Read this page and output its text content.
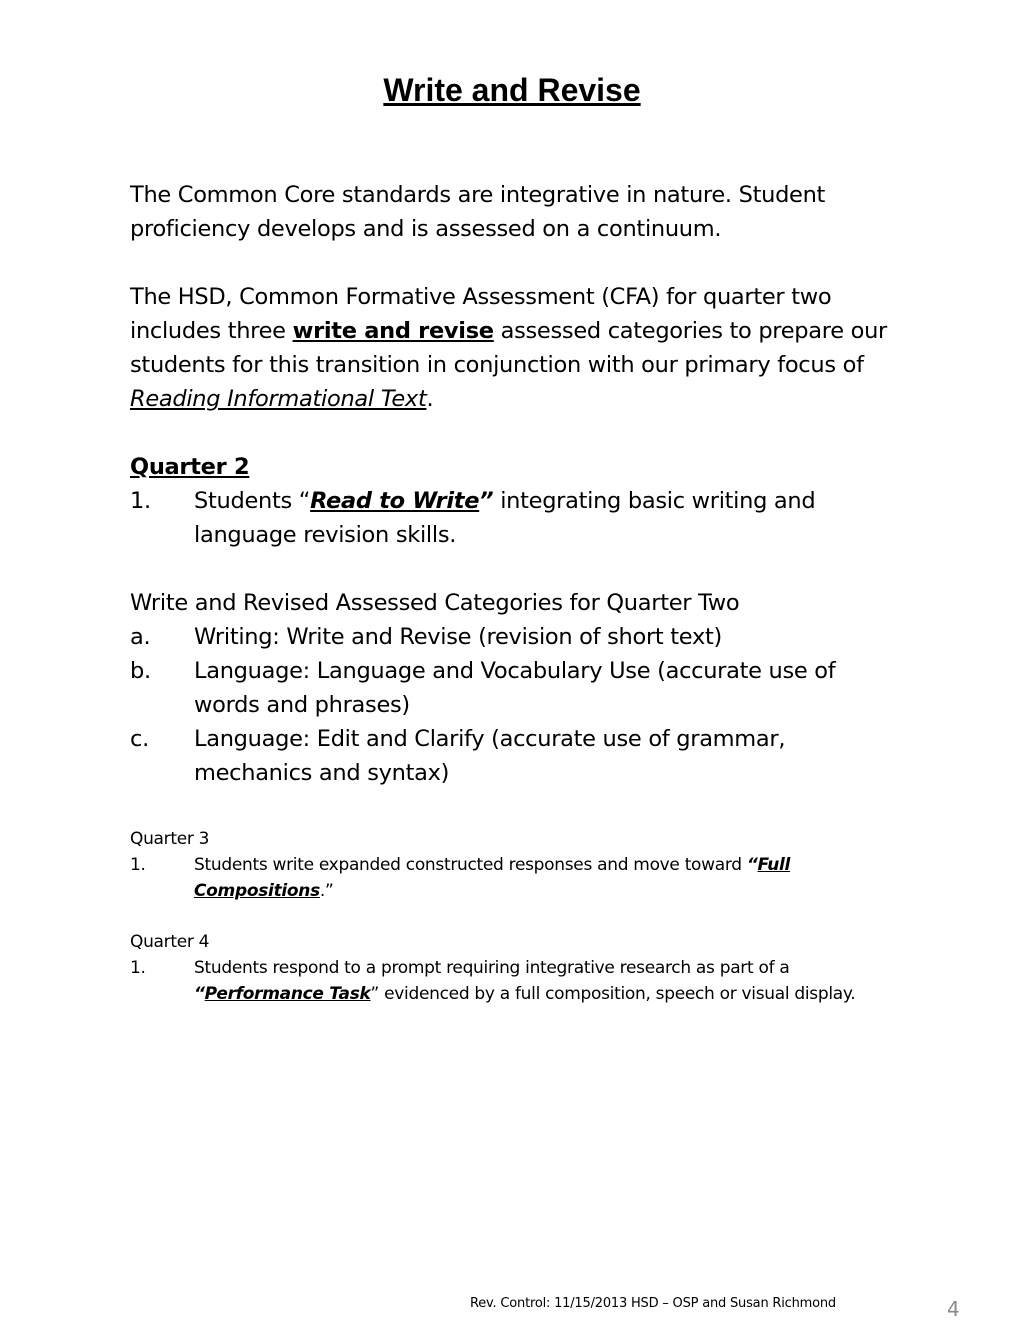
Write and Revise

The Common Core standards are integrative in nature. Student proficiency develops and is assessed on a continuum.

The HSD, Common Formative Assessment (CFA) for quarter two includes three write and revise assessed categories to prepare our students for this transition in conjunction with our primary focus of Reading Informational Text.

Quarter 2

1.	Students “Read to Write” integrating basic writing and language revision skills.

Write and Revised Assessed Categories for Quarter Two

a.	Writing: Write and Revise (revision of short text)
b.	Language: Language and Vocabulary Use (accurate use of words and phrases)
c.	Language: Edit and Clarify (accurate use of grammar, mechanics and syntax)

Quarter 3

1.	Students write expanded constructed responses and move toward “Full Compositions.”

Quarter 4

1.	Students respond to a prompt requiring integrative research as part of a “Performance Task” evidenced by a full composition, speech or visual display.
Rev. Control: 11/15/2013 HSD – OSP and Susan Richmond	4
